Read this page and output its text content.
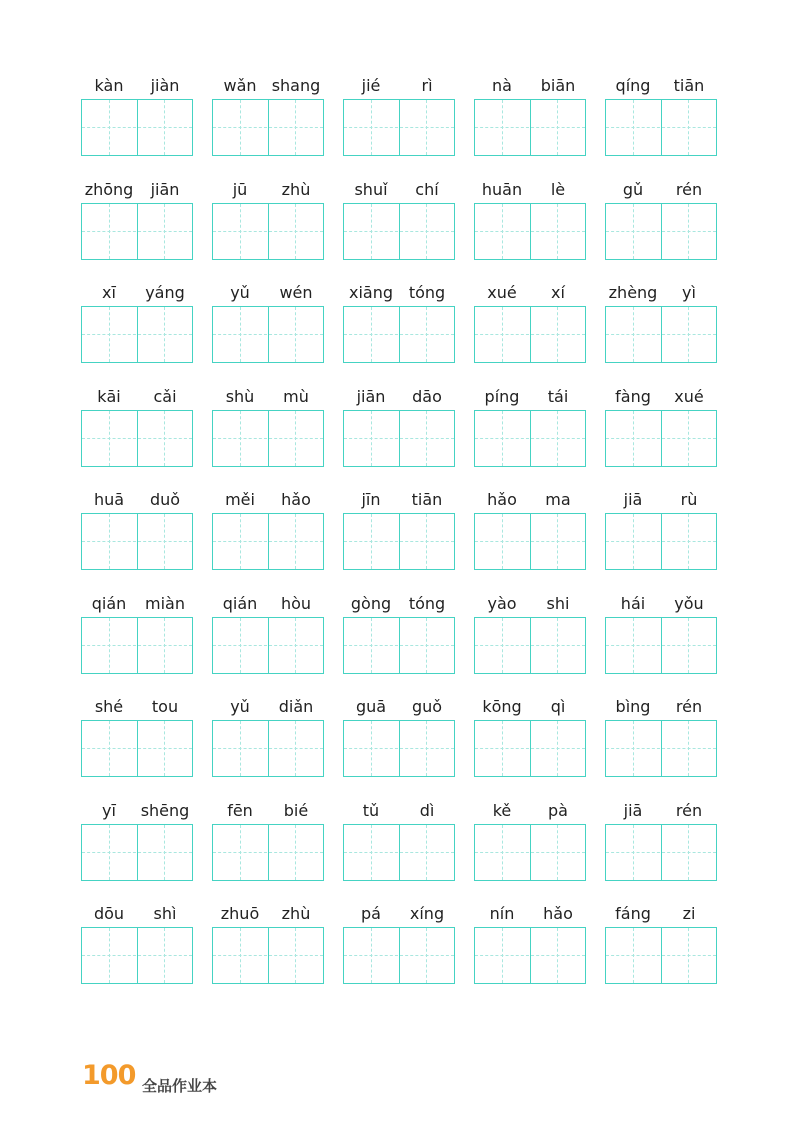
kàn	jiàn	wǎn shang	jié	rì	nà	biān	qíng	tiān
zhōng	jiān	jū	zhù	shuǐ	chí	huān	lè	gǔ	rén
xī	yáng	yǔ	wén	xiāng tóng	xué	xí	zhèng	yì
kāi	cǎi	shù	mù	jiān	dāo	píng	tái	fàng	xué
huā	duǒ	měi	hǎo	jīn	tiān	hǎo	ma	jiā	rù
qián	miàn	qián	hòu	gòng	tóng	yào	shi	hái	yǒu
shé	tou	yǔ	diǎn	guā	guǒ	kōng	qì	bìng	rén
yī	shēng	fēn	bié	tǔ	dì	kě	pà	jiā	rén
dōu	shì	zhuō	zhù	pá	xíng	nín	hǎo	fáng	zi
100 全品作业本
